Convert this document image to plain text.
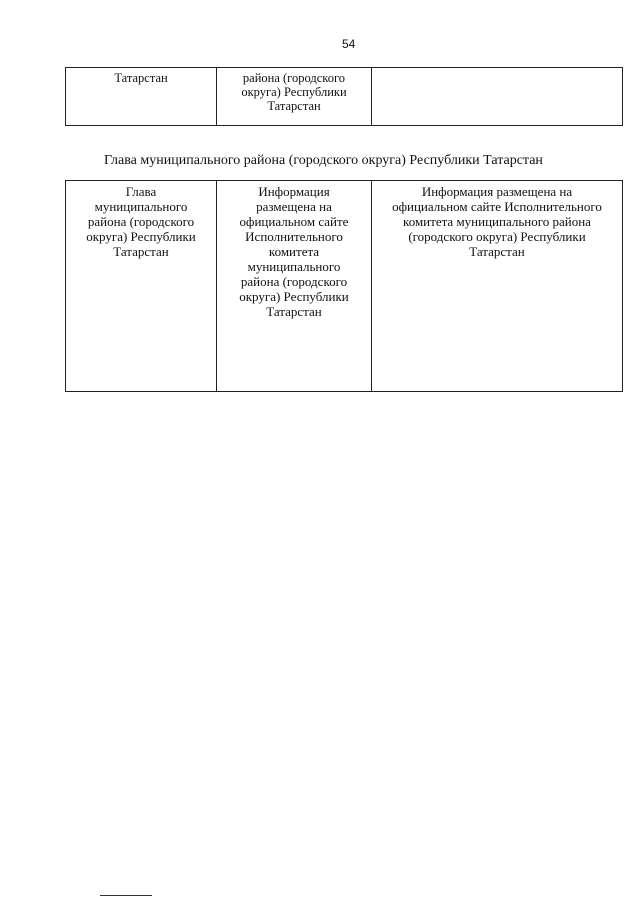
54
Татарстан	района (городского
округа) Республики
Татарстан	
Глава муниципального района (городского округа) Республики Татарстан
Глава
муниципального
района (городского
округа) Республики
Татарстан	Информация
размещена на
официальном сайте
Исполнительного
комитета
муниципального
района (городского
округа) Республики
Татарстан	Информация размещена на
официальном сайте Исполнительного
комитета муниципального района
(городского округа) Республики
Татарстан
